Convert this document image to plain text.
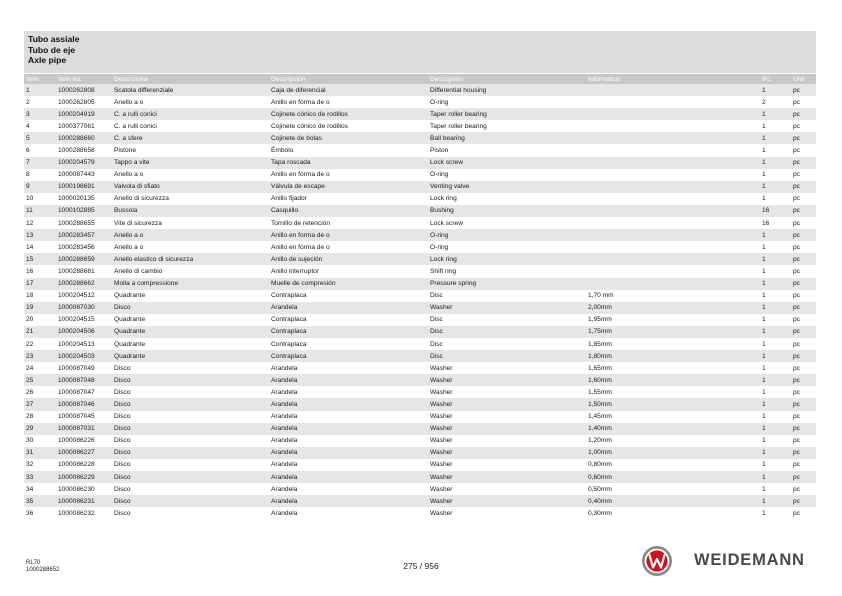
Tubo assiale
Tubo de eje
Axle pipe
Item	Item no.	Descrizione	Descripción	Description	Information	Pc.	Unit
1	1000262808	Scatola differenziale	Caja de diferencial	Differential housing		1	pc
2	1000262805	Anello a o	Anillo en forma de o	O-ring		2	pc
3	1000204919	C. a rulli conici	Cojinete cónico de rodillos	Taper roller bearing		1	pc
4	1000377061	C. a rulli conici	Cojinete cónico de rodillos	Taper roller bearing		1	pc
5	1000288660	C. a sfere	Cojinete de bolas	Ball bearing		1	pc
6	1000288658	Pistone	Émbolo	Piston		1	pc
7	1000204579	Tappo a vite	Tapa roscada	Lock screw		1	pc
8	1000087443	Anello a o	Anillo en forma de o	O-ring		1	pc
9	1000198691	Valvola di sfiato	Válvula de escape	Venting valve		1	pc
10	1000020135	Anello di sicurezza	Anillo fijador	Lock ring		1	pc
11	1000102885	Bussola	Casquillo	Bushing		16	pc
12	1000288655	Vite di sicurezza	Tornillo de retención	Lock screw		16	pc
13	1000283457	Anello a o	Anillo en forma de o	O-ring		1	pc
14	1000283456	Anello a o	Anillo en forma de o	O-ring		1	pc
15	1000288659	Anello elastico di sicurezza	Anillo de sujeción	Lock ring		1	pc
16	1000288661	Anello di cambio	Anillo interruptor	Shift ring		1	pc
17	1000288662	Molla a compressione	Muelle de compresión	Pressure spring		1	pc
18	1000204512	Quadrante	Contraplaca	Disc	1,70 mm	1	pc
19	1000087030	Disco	Arandela	Washer	2,00mm	1	pc
20	1000204515	Quadrante	Contraplaca	Disc	1,95mm	1	pc
21	1000204506	Quadrante	Contraplaca	Disc	1,75mm	1	pc
22	1000204513	Quadrante	Contraplaca	Disc	1,85mm	1	pc
23	1000204503	Quadrante	Contraplaca	Disc	1,80mm	1	pc
24	1000087049	Disco	Arandela	Washer	1,65mm	1	pc
25	1000087048	Disco	Arandela	Washer	1,60mm	1	pc
26	1000087047	Disco	Arandela	Washer	1,55mm	1	pc
27	1000087046	Disco	Arandela	Washer	1,50mm	1	pc
28	1000087045	Disco	Arandela	Washer	1,45mm	1	pc
29	1000087031	Disco	Arandela	Washer	1,40mm	1	pc
30	1000086226	Disco	Arandela	Washer	1,20mm	1	pc
31	1000086227	Disco	Arandela	Washer	1,00mm	1	pc
32	1000086228	Disco	Arandela	Washer	0,80mm	1	pc
33	1000086229	Disco	Arandela	Washer	0,60mm	1	pc
34	1000086230	Disco	Arandela	Washer	0,50mm	1	pc
35	1000086231	Disco	Arandela	Washer	0,40mm	1	pc
36	1000086232	Disco	Arandela	Washer	0,30mm	1	pc
RL70
1000288652	275 / 956	WEIDEMANN
